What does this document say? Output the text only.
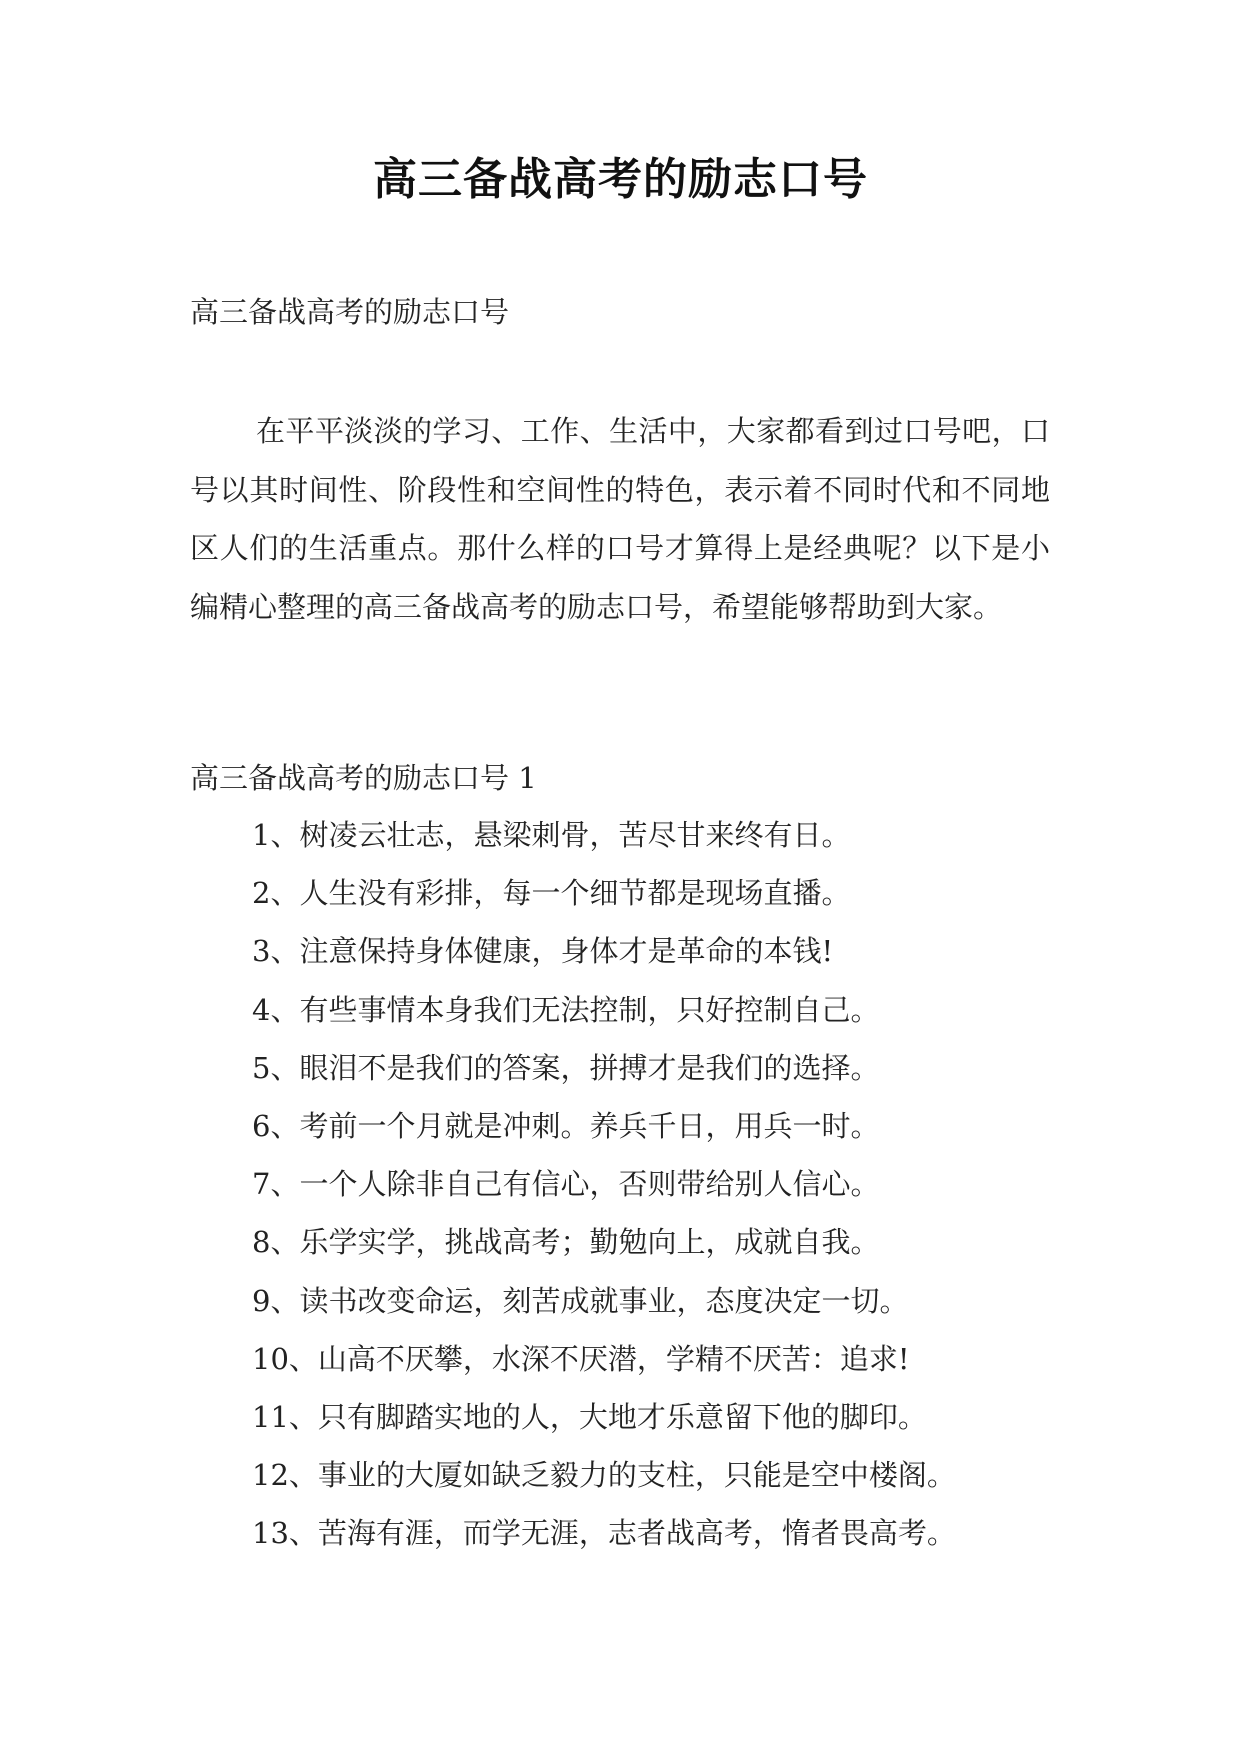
高三备战高考的励志口号
高三备战高考的励志口号

在平平淡淡的学习、工作、生活中，大家都看到过口号吧，口号以其时间性、阶段性和空间性的特色，表示着不同时代和不同地区人们的生活重点。那什么样的口号才算得上是经典呢？以下是小编精心整理的高三备战高考的励志口号，希望能够帮助到大家。

高三备战高考的励志口号 1
1、树凌云壮志，悬梁刺骨，苦尽甘来终有日。
2、人生没有彩排，每一个细节都是现场直播。
3、注意保持身体健康，身体才是革命的本钱!
4、有些事情本身我们无法控制，只好控制自己。
5、眼泪不是我们的答案，拼搏才是我们的选择。
6、考前一个月就是冲刺。养兵千日，用兵一时。
7、一个人除非自己有信心，否则带给别人信心。
8、乐学实学，挑战高考；勤勉向上，成就自我。
9、读书改变命运，刻苦成就事业，态度决定一切。
10、山高不厌攀，水深不厌潜，学精不厌苦：追求!
11、只有脚踏实地的人，大地才乐意留下他的脚印。
12、事业的大厦如缺乏毅力的支柱，只能是空中楼阁。
13、苦海有涯，而学无涯，志者战高考，惰者畏高考。
